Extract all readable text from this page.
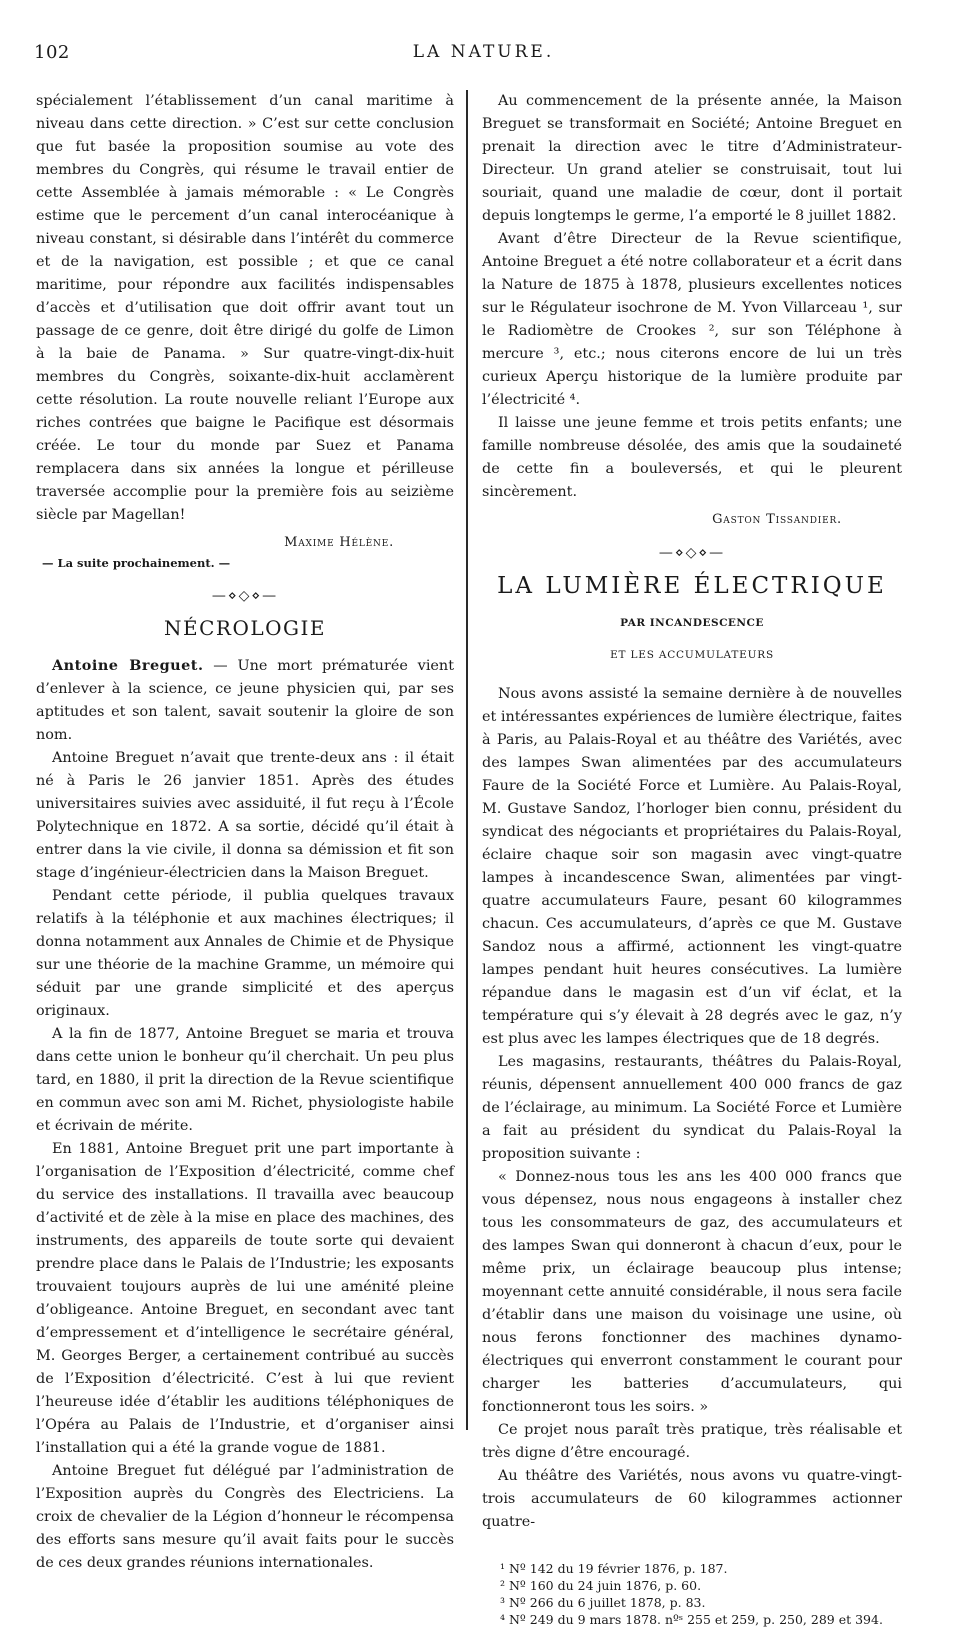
102	LA NATURE.

spécialement l’établissement d’un canal maritime à niveau dans cette direction. » C’est sur cette conclusion que fut basée la proposition soumise au vote des membres du Congrès, qui résume le travail entier de cette Assemblée à jamais mémorable : « Le Congrès estime que le percement d’un canal interocéanique à niveau constant, si désirable dans l’intérêt du commerce et de la navigation, est possible ; et que ce canal maritime, pour répondre aux facilités indispensables d’accès et d’utilisation que doit offrir avant tout un passage de ce genre, doit être dirigé du golfe de Limon à la baie de Panama. » Sur quatre-vingt-dix-huit membres du Congrès, soixante-dix-huit acclamèrent cette résolution. La route nouvelle reliant l’Europe aux riches contrées que baigne le Pacifique est désormais créée. Le tour du monde par Suez et Panama remplacera dans six années la longue et périlleuse traversée accomplie pour la première fois au seizième siècle par Magellan!

Maxime Hélène.
— La suite prochainement. —
—⋄◇⋄—
NÉCROLOGIE

Antoine Breguet. — Une mort prématurée vient d’enlever à la science, ce jeune physicien qui, par ses aptitudes et son talent, savait soutenir la gloire de son nom.

Antoine Breguet n’avait que trente-deux ans : il était né à Paris le 26 janvier 1851. Après des études universitaires suivies avec assiduité, il fut reçu à l’École Polytechnique en 1872. A sa sortie, décidé qu’il était à entrer dans la vie civile, il donna sa démission et fit son stage d’ingénieur-électricien dans la Maison Breguet.

Pendant cette période, il publia quelques travaux relatifs à la téléphonie et aux machines électriques; il donna notamment aux Annales de Chimie et de Physique sur une théorie de la machine Gramme, un mémoire qui séduit par une grande simplicité et des aperçus originaux.

A la fin de 1877, Antoine Breguet se maria et trouva dans cette union le bonheur qu’il cherchait. Un peu plus tard, en 1880, il prit la direction de la Revue scientifique en commun avec son ami M. Richet, physiologiste habile et écrivain de mérite.

En 1881, Antoine Breguet prit une part importante à l’organisation de l’Exposition d’électricité, comme chef du service des installations. Il travailla avec beaucoup d’activité et de zèle à la mise en place des machines, des instruments, des appareils de toute sorte qui devaient prendre place dans le Palais de l’Industrie; les exposants trouvaient toujours auprès de lui une aménité pleine d’obligeance. Antoine Breguet, en secondant avec tant d’empressement et d’intelligence le secrétaire général, M. Georges Berger, a certainement contribué au succès de l’Exposition d’électricité. C’est à lui que revient l’heureuse idée d’établir les auditions téléphoniques de l’Opéra au Palais de l’Industrie, et d’organiser ainsi l’installation qui a été la grande vogue de 1881.

Antoine Breguet fut délégué par l’administration de l’Exposition auprès du Congrès des Electriciens. La croix de chevalier de la Légion d’honneur le récompensa des efforts sans mesure qu’il avait faits pour le succès de ces deux grandes réunions internationales.

Au commencement de la présente année, la Maison Breguet se transformait en Société; Antoine Breguet en prenait la direction avec le titre d’Administrateur-Directeur. Un grand atelier se construisait, tout lui souriait, quand une maladie de cœur, dont il portait depuis longtemps le germe, l’a emporté le 8 juillet 1882.

Avant d’être Directeur de la Revue scientifique, Antoine Breguet a été notre collaborateur et a écrit dans la Nature de 1875 à 1878, plusieurs excellentes notices sur le Régulateur isochrone de M. Yvon Villarceau ¹, sur le Radiomètre de Crookes ², sur son Téléphone à mercure ³, etc.; nous citerons encore de lui un très curieux Aperçu historique de la lumière produite par l’électricité ⁴.

Il laisse une jeune femme et trois petits enfants; une famille nombreuse désolée, des amis que la soudaineté de cette fin a bouleversés, et qui le pleurent sincèrement.

Gaston Tissandier.
—⋄◇⋄—
LA LUMIÈRE ÉLECTRIQUE
PAR INCANDESCENCE
ET LES ACCUMULATEURS

Nous avons assisté la semaine dernière à de nouvelles et intéressantes expériences de lumière électrique, faites à Paris, au Palais-Royal et au théâtre des Variétés, avec des lampes Swan alimentées par des accumulateurs Faure de la Société Force et Lumière. Au Palais-Royal, M. Gustave Sandoz, l’horloger bien connu, président du syndicat des négociants et propriétaires du Palais-Royal, éclaire chaque soir son magasin avec vingt-quatre lampes à incandescence Swan, alimentées par vingt-quatre accumulateurs Faure, pesant 60 kilogrammes chacun. Ces accumulateurs, d’après ce que M. Gustave Sandoz nous a affirmé, actionnent les vingt-quatre lampes pendant huit heures consécutives. La lumière répandue dans le magasin est d’un vif éclat, et la température qui s’y élevait à 28 degrés avec le gaz, n’y est plus avec les lampes électriques que de 18 degrés.

Les magasins, restaurants, théâtres du Palais-Royal, réunis, dépensent annuellement 400 000 francs de gaz de l’éclairage, au minimum. La Société Force et Lumière a fait au président du syndicat du Palais-Royal la proposition suivante :

« Donnez-nous tous les ans les 400 000 francs que vous dépensez, nous nous engageons à installer chez tous les consommateurs de gaz, des accumulateurs et des lampes Swan qui donneront à chacun d’eux, pour le même prix, un éclairage beaucoup plus intense; moyennant cette annuité considérable, il nous sera facile d’établir dans une maison du voisinage une usine, où nous ferons fonctionner des machines dynamo-électriques qui enverront constamment le courant pour charger les batteries d’accumulateurs, qui fonctionneront tous les soirs. »

Ce projet nous paraît très pratique, très réalisable et très digne d’être encouragé.

Au théâtre des Variétés, nous avons vu quatre-vingt-trois accumulateurs de 60 kilogrammes actionner quatre-

¹ Nº 142 du 19 février 1876, p. 187.
² Nº 160 du 24 juin 1876, p. 60.
³ Nº 266 du 6 juillet 1878, p. 83.
⁴ Nº 249 du 9 mars 1878. nºˢ 255 et 259, p. 250, 289 et 394.
